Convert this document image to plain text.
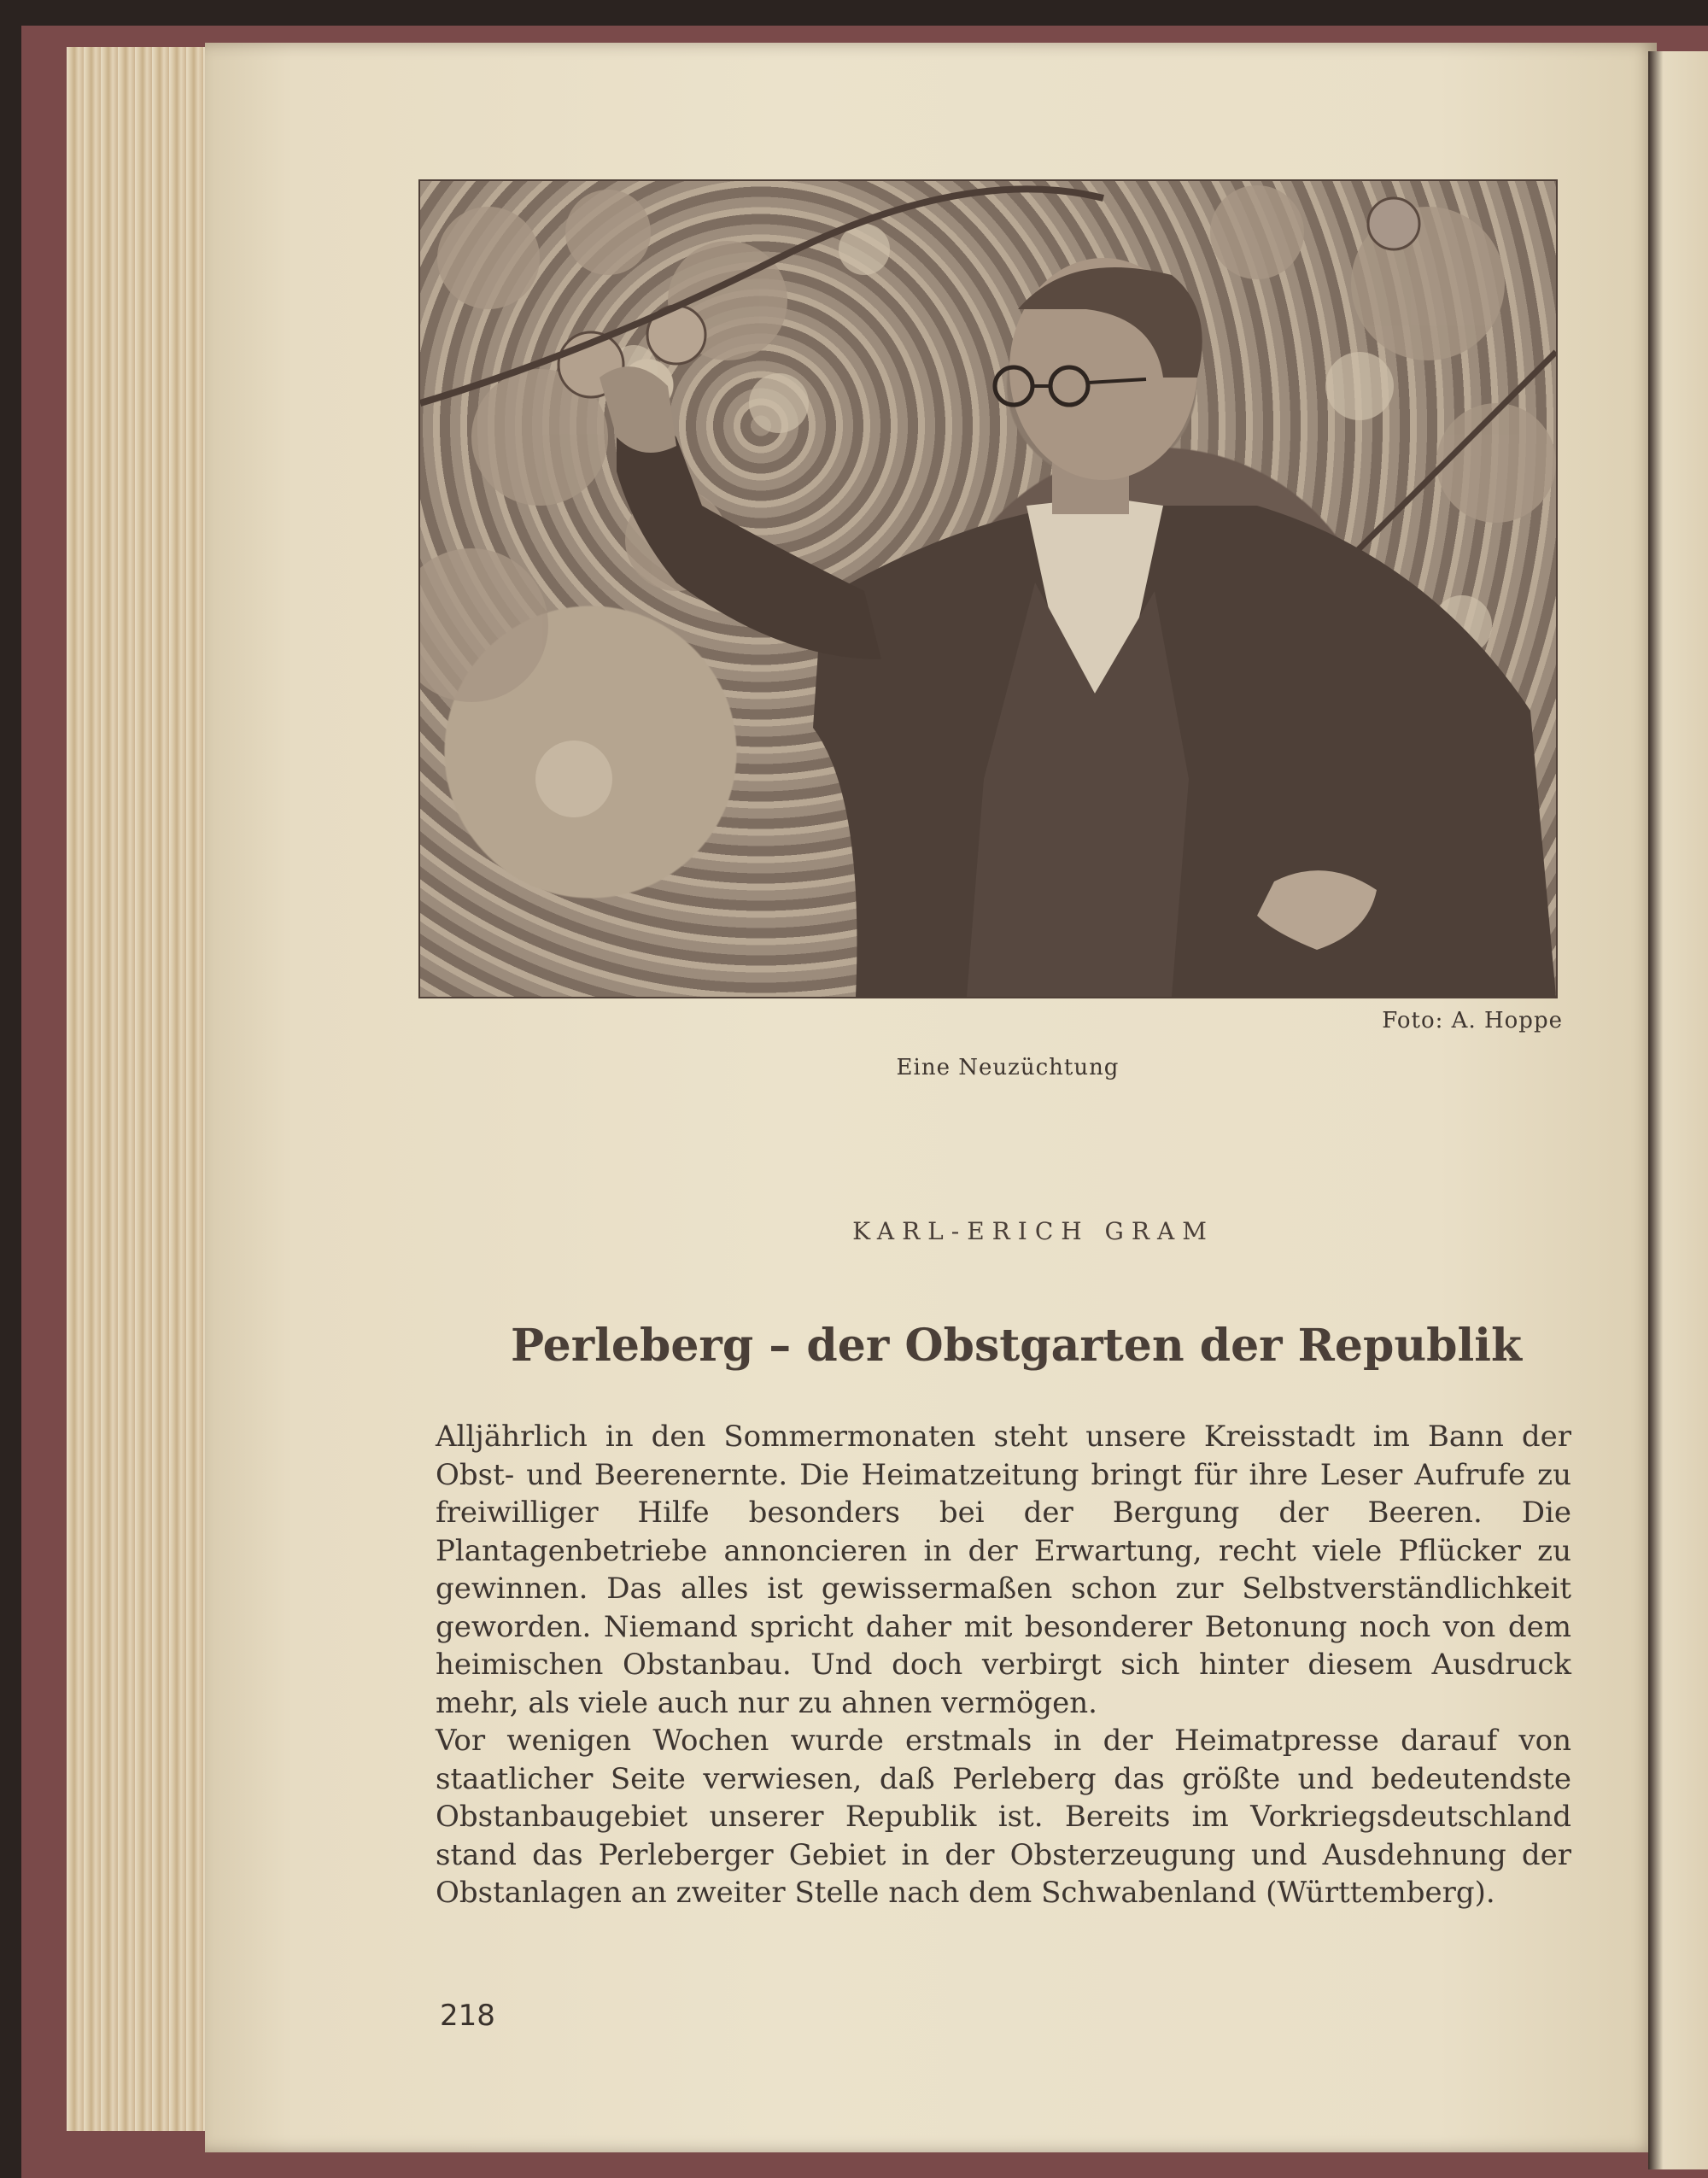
Foto: A. Hoppe
Eine Neuzüchtung
KARL-ERICH GRAM
Perleberg – der Obstgarten der Republik

Alljährlich in den Sommermonaten steht unsere Kreisstadt im Bann der Obst- und Beerenernte. Die Heimatzeitung bringt für ihre Leser Aufrufe zu freiwilliger Hilfe besonders bei der Bergung der Beeren. Die Plantagenbetriebe annoncieren in der Erwartung, recht viele Pflücker zu gewinnen. Das alles ist gewissermaßen schon zur Selbstverständlichkeit geworden. Niemand spricht daher mit besonderer Betonung noch von dem heimischen Obstanbau. Und doch verbirgt sich hinter diesem Ausdruck mehr, als viele auch nur zu ahnen vermögen.

Vor wenigen Wochen wurde erstmals in der Heimatpresse darauf von staatlicher Seite verwiesen, daß Perleberg das größte und bedeutendste Obstanbaugebiet unserer Republik ist. Bereits im Vorkriegsdeutschland stand das Perleberger Gebiet in der Obsterzeugung und Ausdehnung der Obstanlagen an zweiter Stelle nach dem Schwabenland (Württemberg).

218
